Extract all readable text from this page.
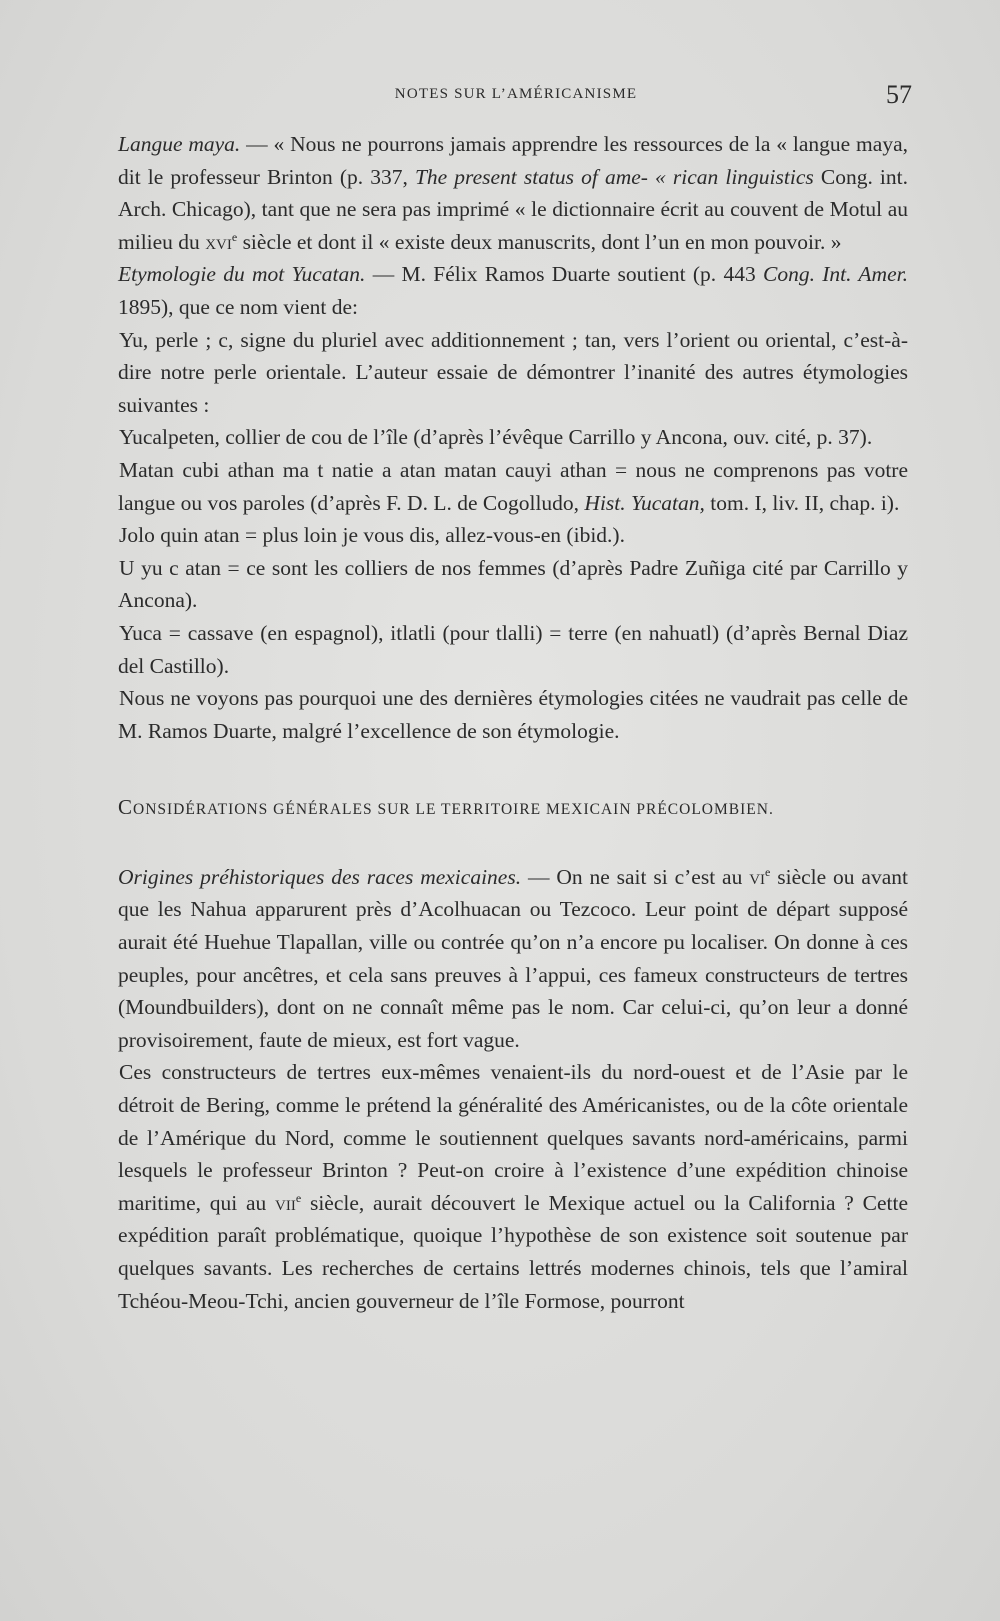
NOTES SUR L’AMÉRICANISME	57

Langue maya. — « Nous ne pourrons jamais apprendre les ressources de la « langue maya, dit le professeur Brinton (p. 337, The present status of ame- « rican linguistics Cong. int. Arch. Chicago), tant que ne sera pas imprimé « le dictionnaire écrit au couvent de Motul au milieu du xvi$^e$ siècle et dont il « existe deux manuscrits, dont l’un en mon pouvoir. »

Etymologie du mot Yucatan. — M. Félix Ramos Duarte soutient (p. 443 Cong. Int. Amer. 1895), que ce nom vient de:

Yu, perle ; c, signe du pluriel avec additionnement ; tan, vers l’orient ou oriental, c’est-à-dire notre perle orientale. L’auteur essaie de démontrer l’inanité des autres étymologies suivantes :

Yucalpeten, collier de cou de l’île (d’après l’évêque Carrillo y Ancona, ouv. cité, p. 37).

Matan cubi athan ma t natie a atan matan cauyi athan = nous ne comprenons pas votre langue ou vos paroles (d’après F. D. L. de Cogolludo, Hist. Yucatan, tom. I, liv. II, chap. i).

Jolo quin atan = plus loin je vous dis, allez-vous-en (ibid.).

U yu c atan = ce sont les colliers de nos femmes (d’après Padre Zuñiga cité par Carrillo y Ancona).

Yuca = cassave (en espagnol), itlatli (pour tlalli) = terre (en nahuatl) (d’après Bernal Diaz del Castillo).

Nous ne voyons pas pourquoi une des dernières étymologies citées ne vaudrait pas celle de M. Ramos Duarte, malgré l’excellence de son étymologie.

CONSIDÉRATIONS GÉNÉRALES SUR LE TERRITOIRE MEXICAIN PRÉCOLOMBIEN.

Origines préhistoriques des races mexicaines. — On ne sait si c’est au $vi^e$ siècle ou avant que les Nahua apparurent près d’Acolhuacan ou Tezcoco. Leur point de départ supposé aurait été Huehue Tlapallan, ville ou contrée qu’on n’a encore pu localiser. On donne à ces peuples, pour ancêtres, et cela sans preuves à l’appui, ces fameux constructeurs de tertres (Moundbuilders), dont on ne connaît même pas le nom. Car celui-ci, qu’on leur a donné provisoirement, faute de mieux, est fort vague.

Ces constructeurs de tertres eux-mêmes venaient-ils du nord-ouest et de l’Asie par le détroit de Bering, comme le prétend la généralité des Américanistes, ou de la côte orientale de l’Amérique du Nord, comme le soutiennent quelques savants nord-américains, parmi lesquels le professeur Brinton ? Peut-on croire à l’existence d’une expédition chinoise maritime, qui au vii$^e$ siècle, aurait découvert le Mexique actuel ou la California ? Cette expédition paraît problématique, quoique l’hypothèse de son existence soit soutenue par quelques savants. Les recherches de certains lettrés modernes chinois, tels que l’amiral Tchéou-Meou-Tchi, ancien gouverneur de l’île Formose, pourront
